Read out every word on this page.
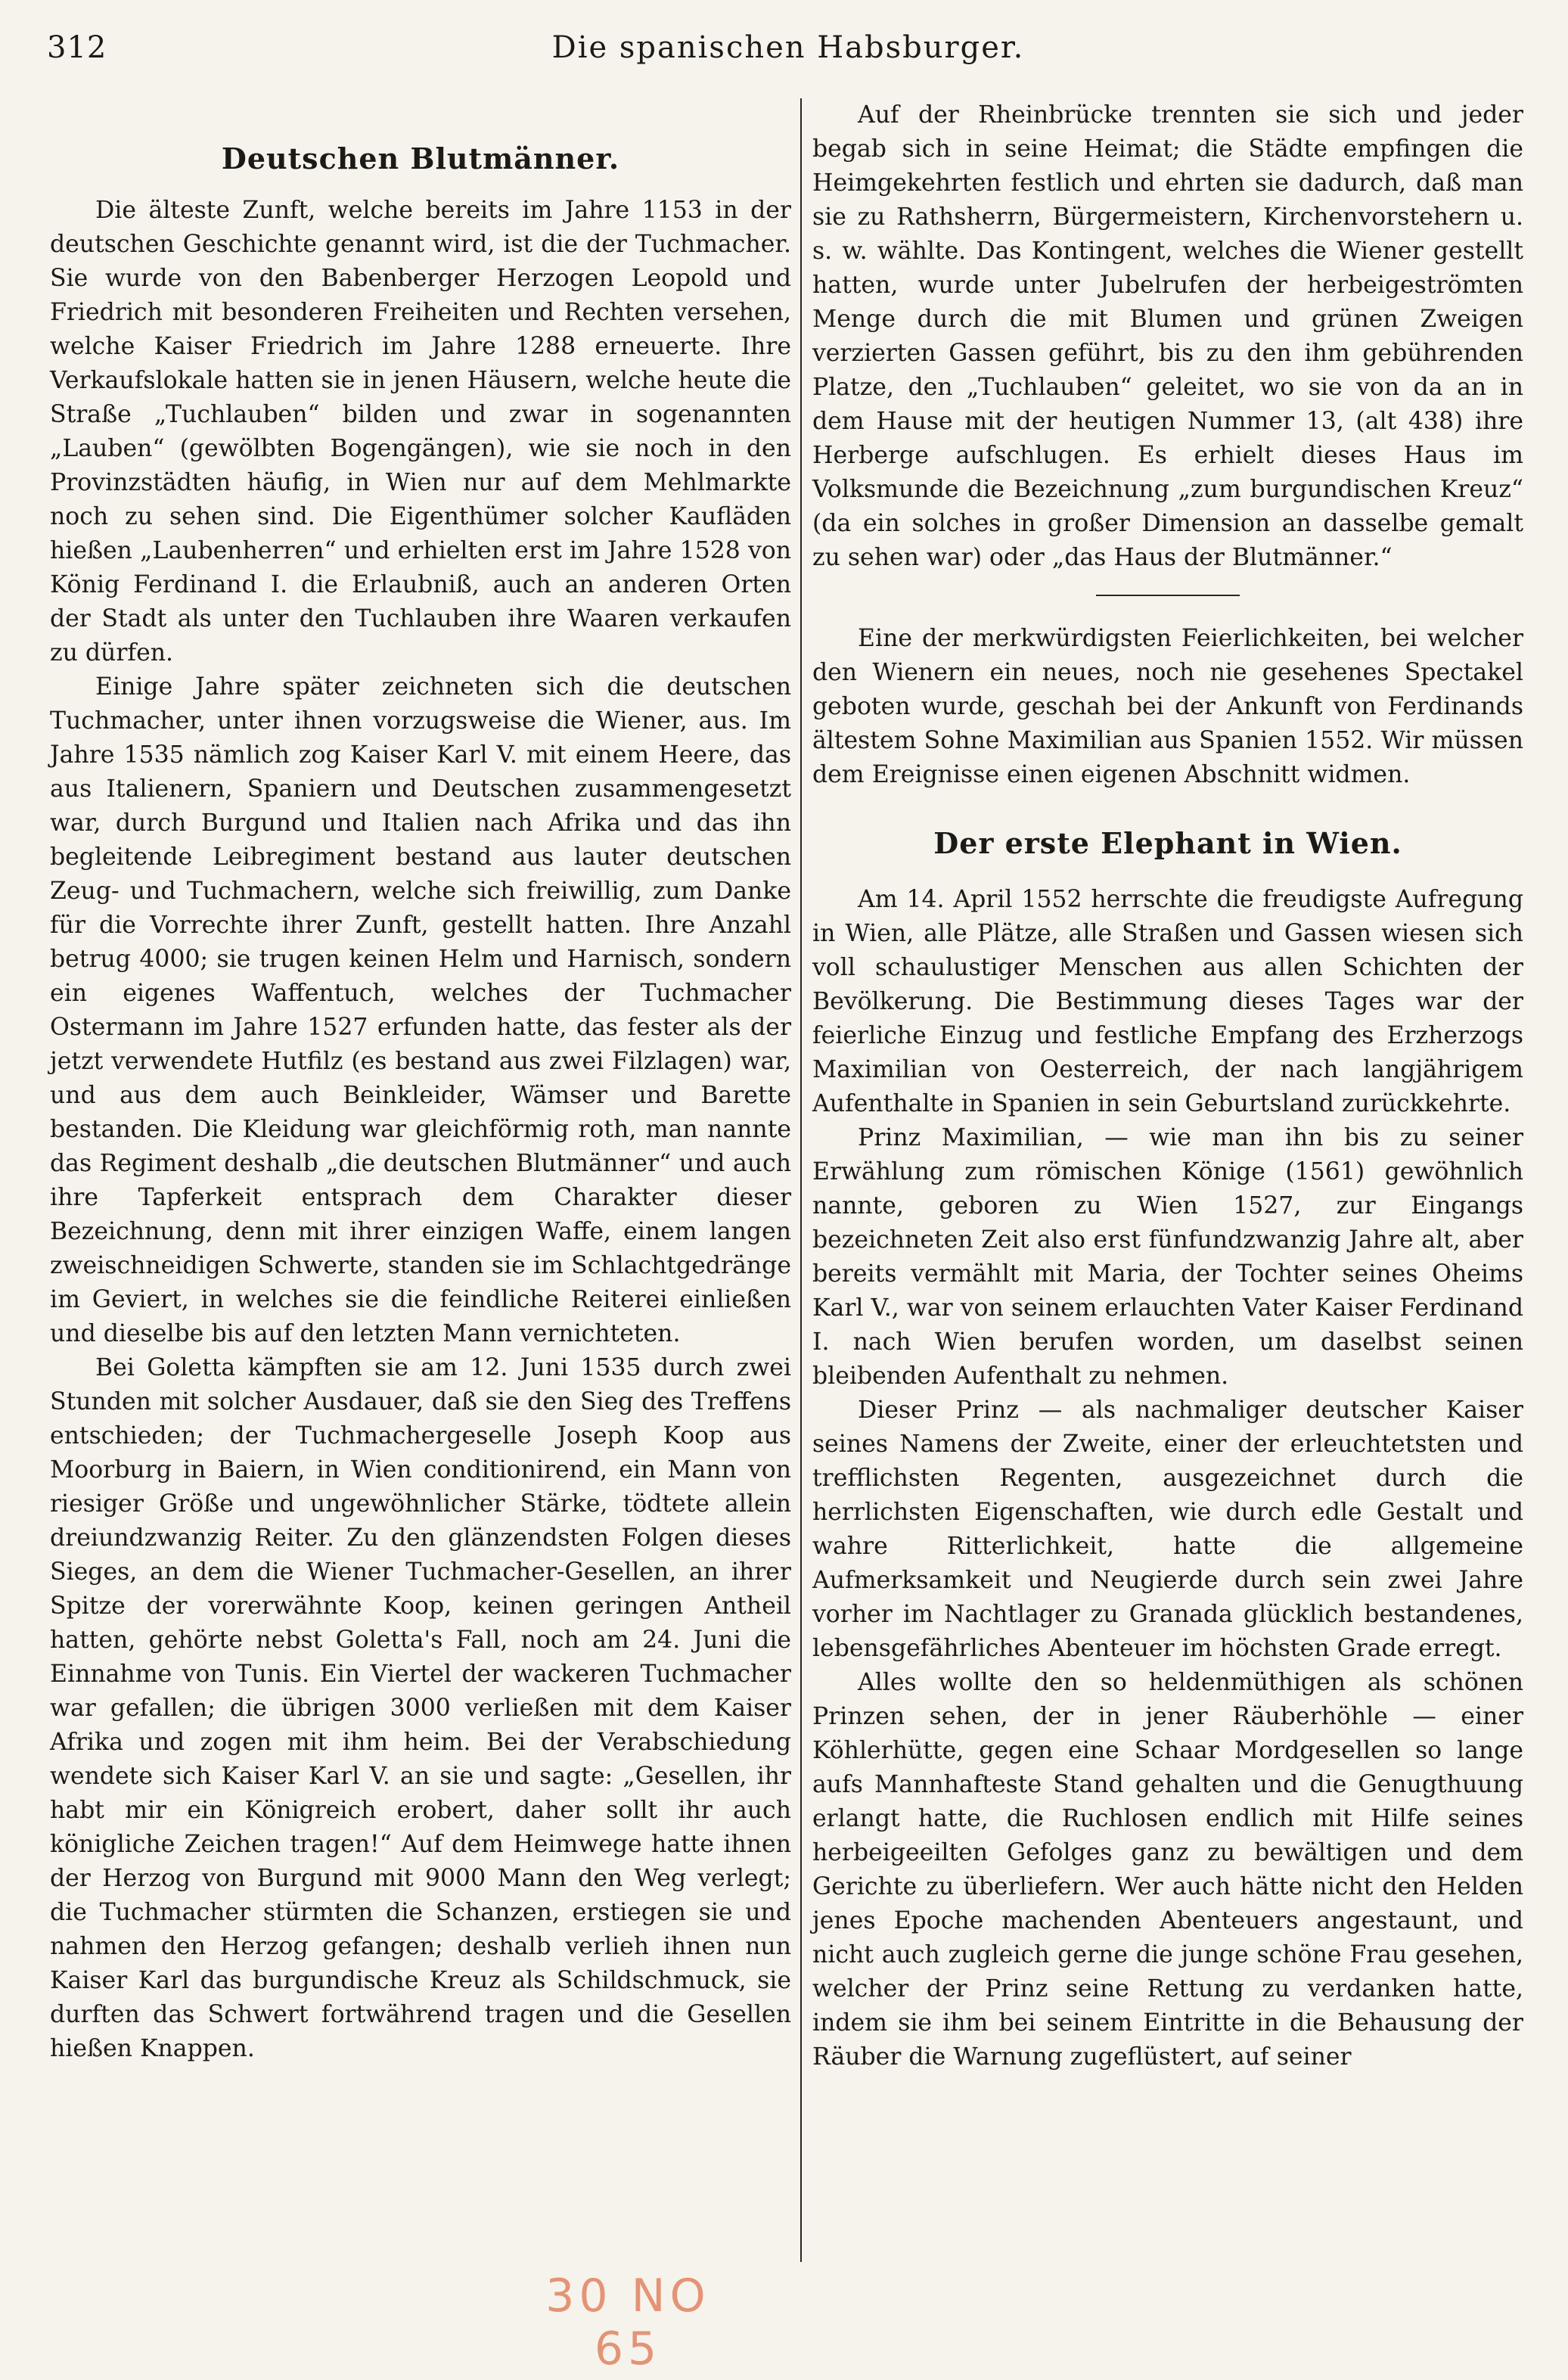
312	Die spanischen Habsburger.
Deutschen Blutmänner.

Die älteste Zunft, welche bereits im Jahre 1153 in der deutschen Geschichte genannt wird, ist die der Tuchmacher. Sie wurde von den Babenberger Herzogen Leopold und Friedrich mit besonderen Freiheiten und Rechten versehen, welche Kaiser Friedrich im Jahre 1288 erneuerte. Ihre Verkaufslokale hatten sie in jenen Häusern, welche heute die Straße „Tuchlauben“ bilden und zwar in sogenannten „Lauben“ (gewölbten Bogengängen), wie sie noch in den Provinzstädten häufig, in Wien nur auf dem Mehlmarkte noch zu sehen sind. Die Eigenthümer solcher Kaufläden hießen „Laubenherren“ und erhielten erst im Jahre 1528 von König Ferdinand I. die Erlaubniß, auch an anderen Orten der Stadt als unter den Tuchlauben ihre Waaren verkaufen zu dürfen.

Einige Jahre später zeichneten sich die deutschen Tuchmacher, unter ihnen vorzugsweise die Wiener, aus. Im Jahre 1535 nämlich zog Kaiser Karl V. mit einem Heere, das aus Italienern, Spaniern und Deutschen zusammengesetzt war, durch Burgund und Italien nach Afrika und das ihn begleitende Leibregiment bestand aus lauter deutschen Zeug- und Tuchmachern, welche sich freiwillig, zum Danke für die Vorrechte ihrer Zunft, gestellt hatten. Ihre Anzahl betrug 4000; sie trugen keinen Helm und Harnisch, sondern ein eigenes Waffentuch, welches der Tuchmacher Ostermann im Jahre 1527 erfunden hatte, das fester als der jetzt verwendete Hutfilz (es bestand aus zwei Filzlagen) war, und aus dem auch Beinkleider, Wämser und Barette bestanden. Die Kleidung war gleichförmig roth, man nannte das Regiment deshalb „die deutschen Blutmänner“ und auch ihre Tapferkeit entsprach dem Charakter dieser Bezeichnung, denn mit ihrer einzigen Waffe, einem langen zweischneidigen Schwerte, standen sie im Schlachtgedränge im Geviert, in welches sie die feindliche Reiterei einließen und dieselbe bis auf den letzten Mann vernichteten.

Bei Goletta kämpften sie am 12. Juni 1535 durch zwei Stunden mit solcher Ausdauer, daß sie den Sieg des Treffens entschieden; der Tuchmachergeselle Joseph Koop aus Moorburg in Baiern, in Wien conditionirend, ein Mann von riesiger Größe und ungewöhnlicher Stärke, tödtete allein dreiundzwanzig Reiter. Zu den glänzendsten Folgen dieses Sieges, an dem die Wiener Tuchmacher-Gesellen, an ihrer Spitze der vorerwähnte Koop, keinen geringen Antheil hatten, gehörte nebst Goletta's Fall, noch am 24. Juni die Einnahme von Tunis. Ein Viertel der wackeren Tuchmacher war gefallen; die übrigen 3000 verließen mit dem Kaiser Afrika und zogen mit ihm heim. Bei der Verabschiedung wendete sich Kaiser Karl V. an sie und sagte: „Gesellen, ihr habt mir ein Königreich erobert, daher sollt ihr auch königliche Zeichen tragen!“ Auf dem Heimwege hatte ihnen der Herzog von Burgund mit 9000 Mann den Weg verlegt; die Tuchmacher stürmten die Schanzen, erstiegen sie und nahmen den Herzog gefangen; deshalb verlieh ihnen nun Kaiser Karl das burgundische Kreuz als Schildschmuck, sie durften das Schwert fortwährend tragen und die Gesellen hießen Knappen.

Auf der Rheinbrücke trennten sie sich und jeder begab sich in seine Heimat; die Städte empfingen die Heimgekehrten festlich und ehrten sie dadurch, daß man sie zu Rathsherrn, Bürgermeistern, Kirchenvorstehern u. s. w. wählte. Das Kontingent, welches die Wiener gestellt hatten, wurde unter Jubelrufen der herbeigeströmten Menge durch die mit Blumen und grünen Zweigen verzierten Gassen geführt, bis zu den ihm gebührenden Platze, den „Tuchlauben“ geleitet, wo sie von da an in dem Hause mit der heutigen Nummer 13, (alt 438) ihre Herberge aufschlugen. Es erhielt dieses Haus im Volksmunde die Bezeichnung „zum burgundischen Kreuz“ (da ein solches in großer Dimension an dasselbe gemalt zu sehen war) oder „das Haus der Blutmänner.“

Eine der merkwürdigsten Feierlichkeiten, bei welcher den Wienern ein neues, noch nie gesehenes Spectakel geboten wurde, geschah bei der Ankunft von Ferdinands ältestem Sohne Maximilian aus Spanien 1552. Wir müssen dem Ereignisse einen eigenen Abschnitt widmen.

Der erste Elephant in Wien.

Am 14. April 1552 herrschte die freudigste Aufregung in Wien, alle Plätze, alle Straßen und Gassen wiesen sich voll schaulustiger Menschen aus allen Schichten der Bevölkerung. Die Bestimmung dieses Tages war der feierliche Einzug und festliche Empfang des Erzherzogs Maximilian von Oesterreich, der nach langjährigem Aufenthalte in Spanien in sein Geburtsland zurückkehrte.

Prinz Maximilian, — wie man ihn bis zu seiner Erwählung zum römischen Könige (1561) gewöhnlich nannte, geboren zu Wien 1527, zur Eingangs bezeichneten Zeit also erst fünfundzwanzig Jahre alt, aber bereits vermählt mit Maria, der Tochter seines Oheims Karl V., war von seinem erlauchten Vater Kaiser Ferdinand I. nach Wien berufen worden, um daselbst seinen bleibenden Aufenthalt zu nehmen.

Dieser Prinz — als nachmaliger deutscher Kaiser seines Namens der Zweite, einer der erleuchtetsten und trefflichsten Regenten, ausgezeichnet durch die herrlichsten Eigenschaften, wie durch edle Gestalt und wahre Ritterlichkeit, hatte die allgemeine Aufmerksamkeit und Neugierde durch sein zwei Jahre vorher im Nachtlager zu Granada glücklich bestandenes, lebensgefährliches Abenteuer im höchsten Grade erregt.

Alles wollte den so heldenmüthigen als schönen Prinzen sehen, der in jener Räuberhöhle — einer Köhlerhütte, gegen eine Schaar Mordgesellen so lange aufs Mannhafteste Stand gehalten und die Genugthuung erlangt hatte, die Ruchlosen endlich mit Hilfe seines herbeigeeilten Gefolges ganz zu bewältigen und dem Gerichte zu überliefern. Wer auch hätte nicht den Helden jenes Epoche machenden Abenteuers angestaunt, und nicht auch zugleich gerne die junge schöne Frau gesehen, welcher der Prinz seine Rettung zu verdanken hatte, indem sie ihm bei seinem Eintritte in die Behausung der Räuber die Warnung zugeflüstert, auf seiner

30 NO 65
